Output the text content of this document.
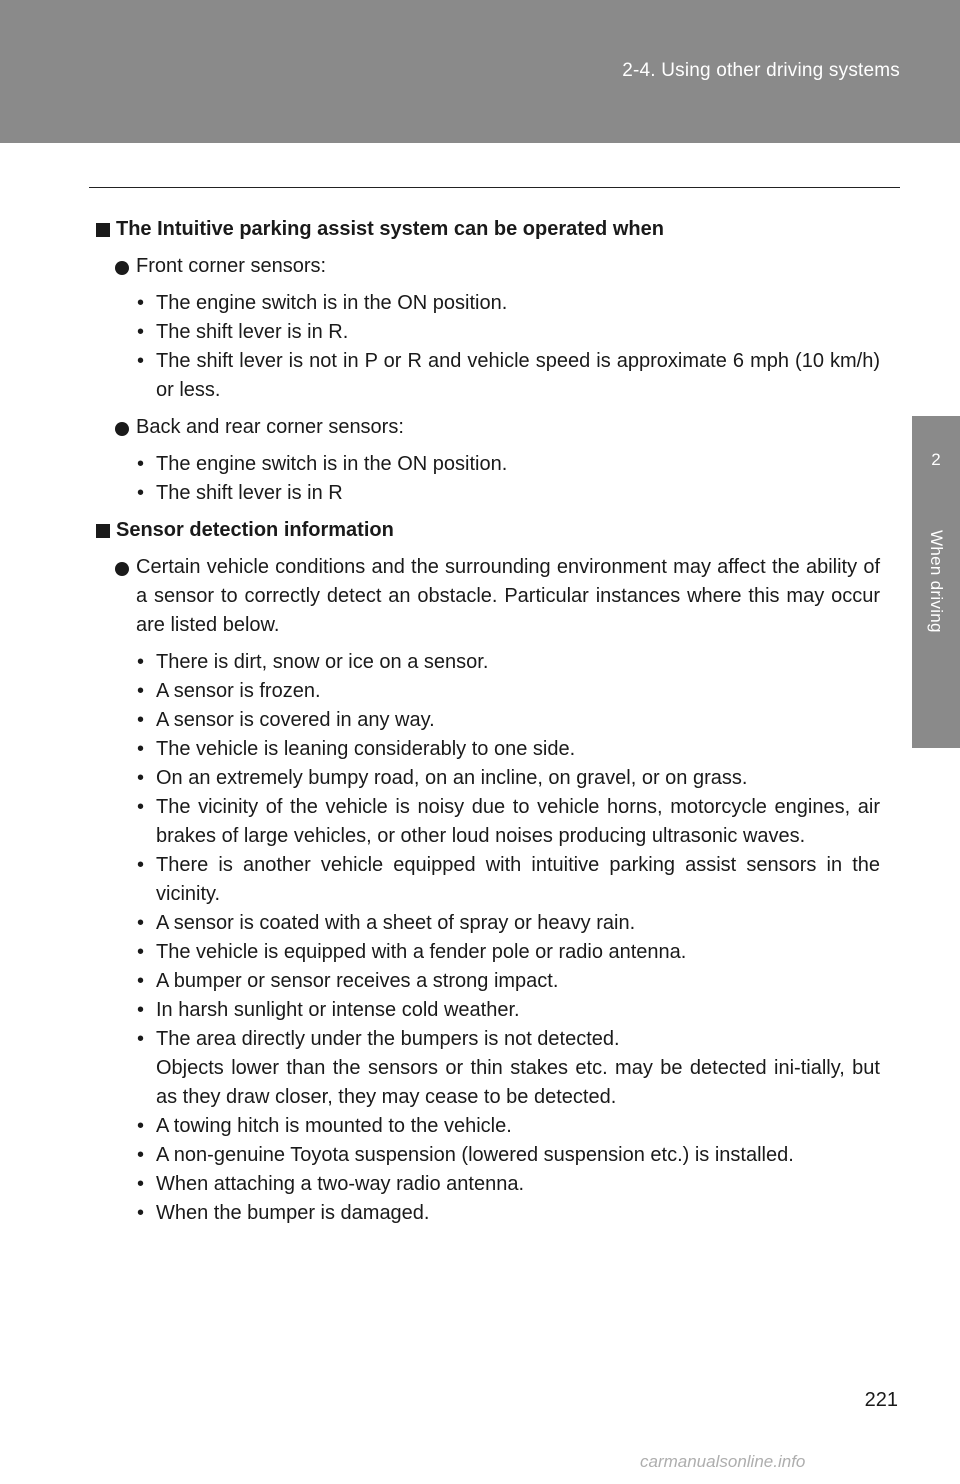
2-4. Using other driving systems
2
When driving
The Intuitive parking assist system can be operated when
Front corner sensors:
• The engine switch is in the ON position.
• The shift lever is in R.
• The shift lever is not in P or R and vehicle speed is approximate 6 mph (10 km/h) or less.
Back and rear corner sensors:
• The engine switch is in the ON position.
• The shift lever is in R
Sensor detection information
Certain vehicle conditions and the surrounding environment may affect the ability of a sensor to correctly detect an obstacle. Particular instances where this may occur are listed below.
• There is dirt, snow or ice on a sensor.
• A sensor is frozen.
• A sensor is covered in any way.
• The vehicle is leaning considerably to one side.
• On an extremely bumpy road, on an incline, on gravel, or on grass.
• The vicinity of the vehicle is noisy due to vehicle horns, motorcycle engines, air brakes of large vehicles, or other loud noises producing ultrasonic waves.
• There is another vehicle equipped with intuitive parking assist sensors in the vicinity.
• A sensor is coated with a sheet of spray or heavy rain.
• The vehicle is equipped with a fender pole or radio antenna.
• A bumper or sensor receives a strong impact.
• In harsh sunlight or intense cold weather.
• The area directly under the bumpers is not detected.
Objects lower than the sensors or thin stakes etc. may be detected ini-tially, but as they draw closer, they may cease to be detected.
• A towing hitch is mounted to the vehicle.
• A non-genuine Toyota suspension (lowered suspension etc.) is installed.
• When attaching a two-way radio antenna.
• When the bumper is damaged.
221
carmanualsonline.info
